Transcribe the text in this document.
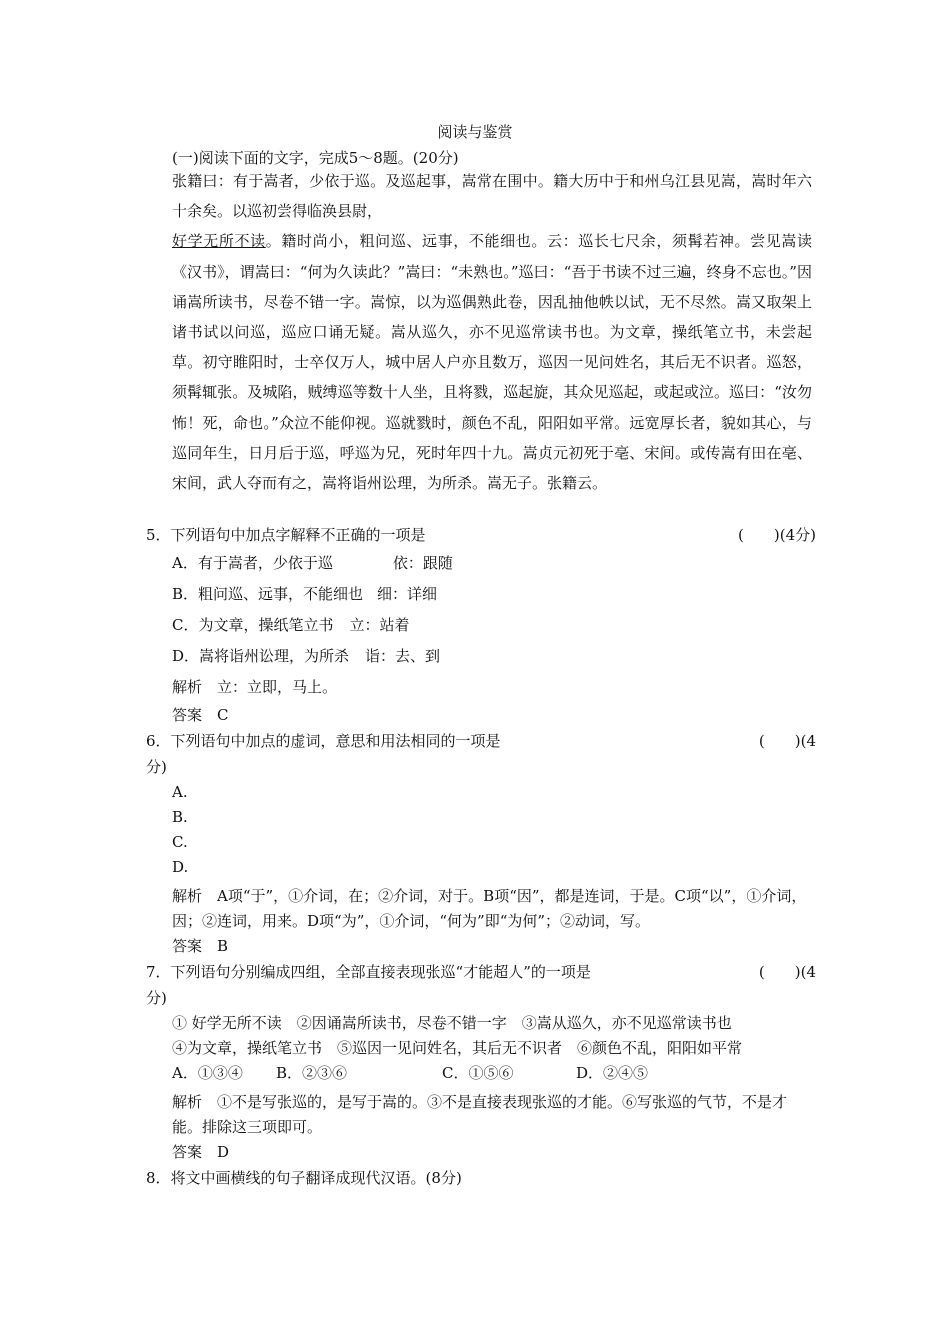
阅读与鉴赏
(一)阅读下面的文字，完成5～8题。(20分)

张籍曰：有于嵩者，少依于巡。及巡起事，嵩常在围中。籍大历中于和州乌江县见嵩，嵩时年六十余矣。以巡初尝得临涣县尉，

好学无所不读。籍时尚小，粗问巡、远事，不能细也。云：巡长七尺余，须髯若神。尝见嵩读《汉书》，谓嵩曰：“何为久读此？”嵩曰：“未熟也。”巡曰：“吾于书读不过三遍，终身不忘也。”因诵嵩所读书，尽卷不错一字。嵩惊，以为巡偶熟此卷，因乱抽他帙以试，无不尽然。嵩又取架上诸书试以问巡，巡应口诵无疑。嵩从巡久，亦不见巡常读书也。为文章，操纸笔立书，未尝起草。初守睢阳时，士卒仅万人，城中居人户亦且数万，巡因一见问姓名，其后无不识者。巡怒，须髯辄张。及城陷，贼缚巡等数十人坐，且将戮，巡起旋，其众见巡起，或起或泣。巡曰：“汝勿怖！死，命也。”众泣不能仰视。巡就戮时，颜色不乱，阳阳如平常。远宽厚长者，貌如其心，与巡同年生，日月后于巡，呼巡为兄，死时年四十九。嵩贞元初死于亳、宋间。或传嵩有田在亳、宋间，武人夺而有之，嵩将诣州讼理，为所杀。嵩无子。张籍云。

5．下列语句中加点字解释不正确的一项是	(　　)(4分)
A．有于嵩者，少依于巡	依：跟随
B．粗问巡、远事，不能细也 细：详细
C．为文章，操纸笔立书 立：站着
D．嵩将诣州讼理，为所杀 诣：去、到
解析　立：立即，马上。
答案　C
6．下列语句中加点的虚词，意思和用法相同的一项是	(　　)(4
分)
A.
B.
C.
D.
解析　A项“于”，①介词，在；②介词，对于。B项“因”，都是连词，于是。C项“以”，①介词，因；②连词，用来。D项“为”，①介词，“何为”即“为何”；②动词，写。
答案　B
7．下列语句分别编成四组，全部直接表现张巡“才能超人”的一项是	(　　)(4
分)
① 好学无所不读　②因诵嵩所读书，尽卷不错一字　③嵩从巡久，亦不见巡常读书也
④为文章，操纸笔立书　⑤巡因一见问姓名，其后无不识者　⑥颜色不乱，阳阳如平常
A．①③④ B．②③⑥	C．①⑤⑥	D．②④⑤
解析　①不是写张巡的，是写于嵩的。③不是直接表现张巡的才能。⑥写张巡的气节，不是才能。排除这三项即可。
答案　D
8．将文中画横线的句子翻译成现代汉语。(8分)
